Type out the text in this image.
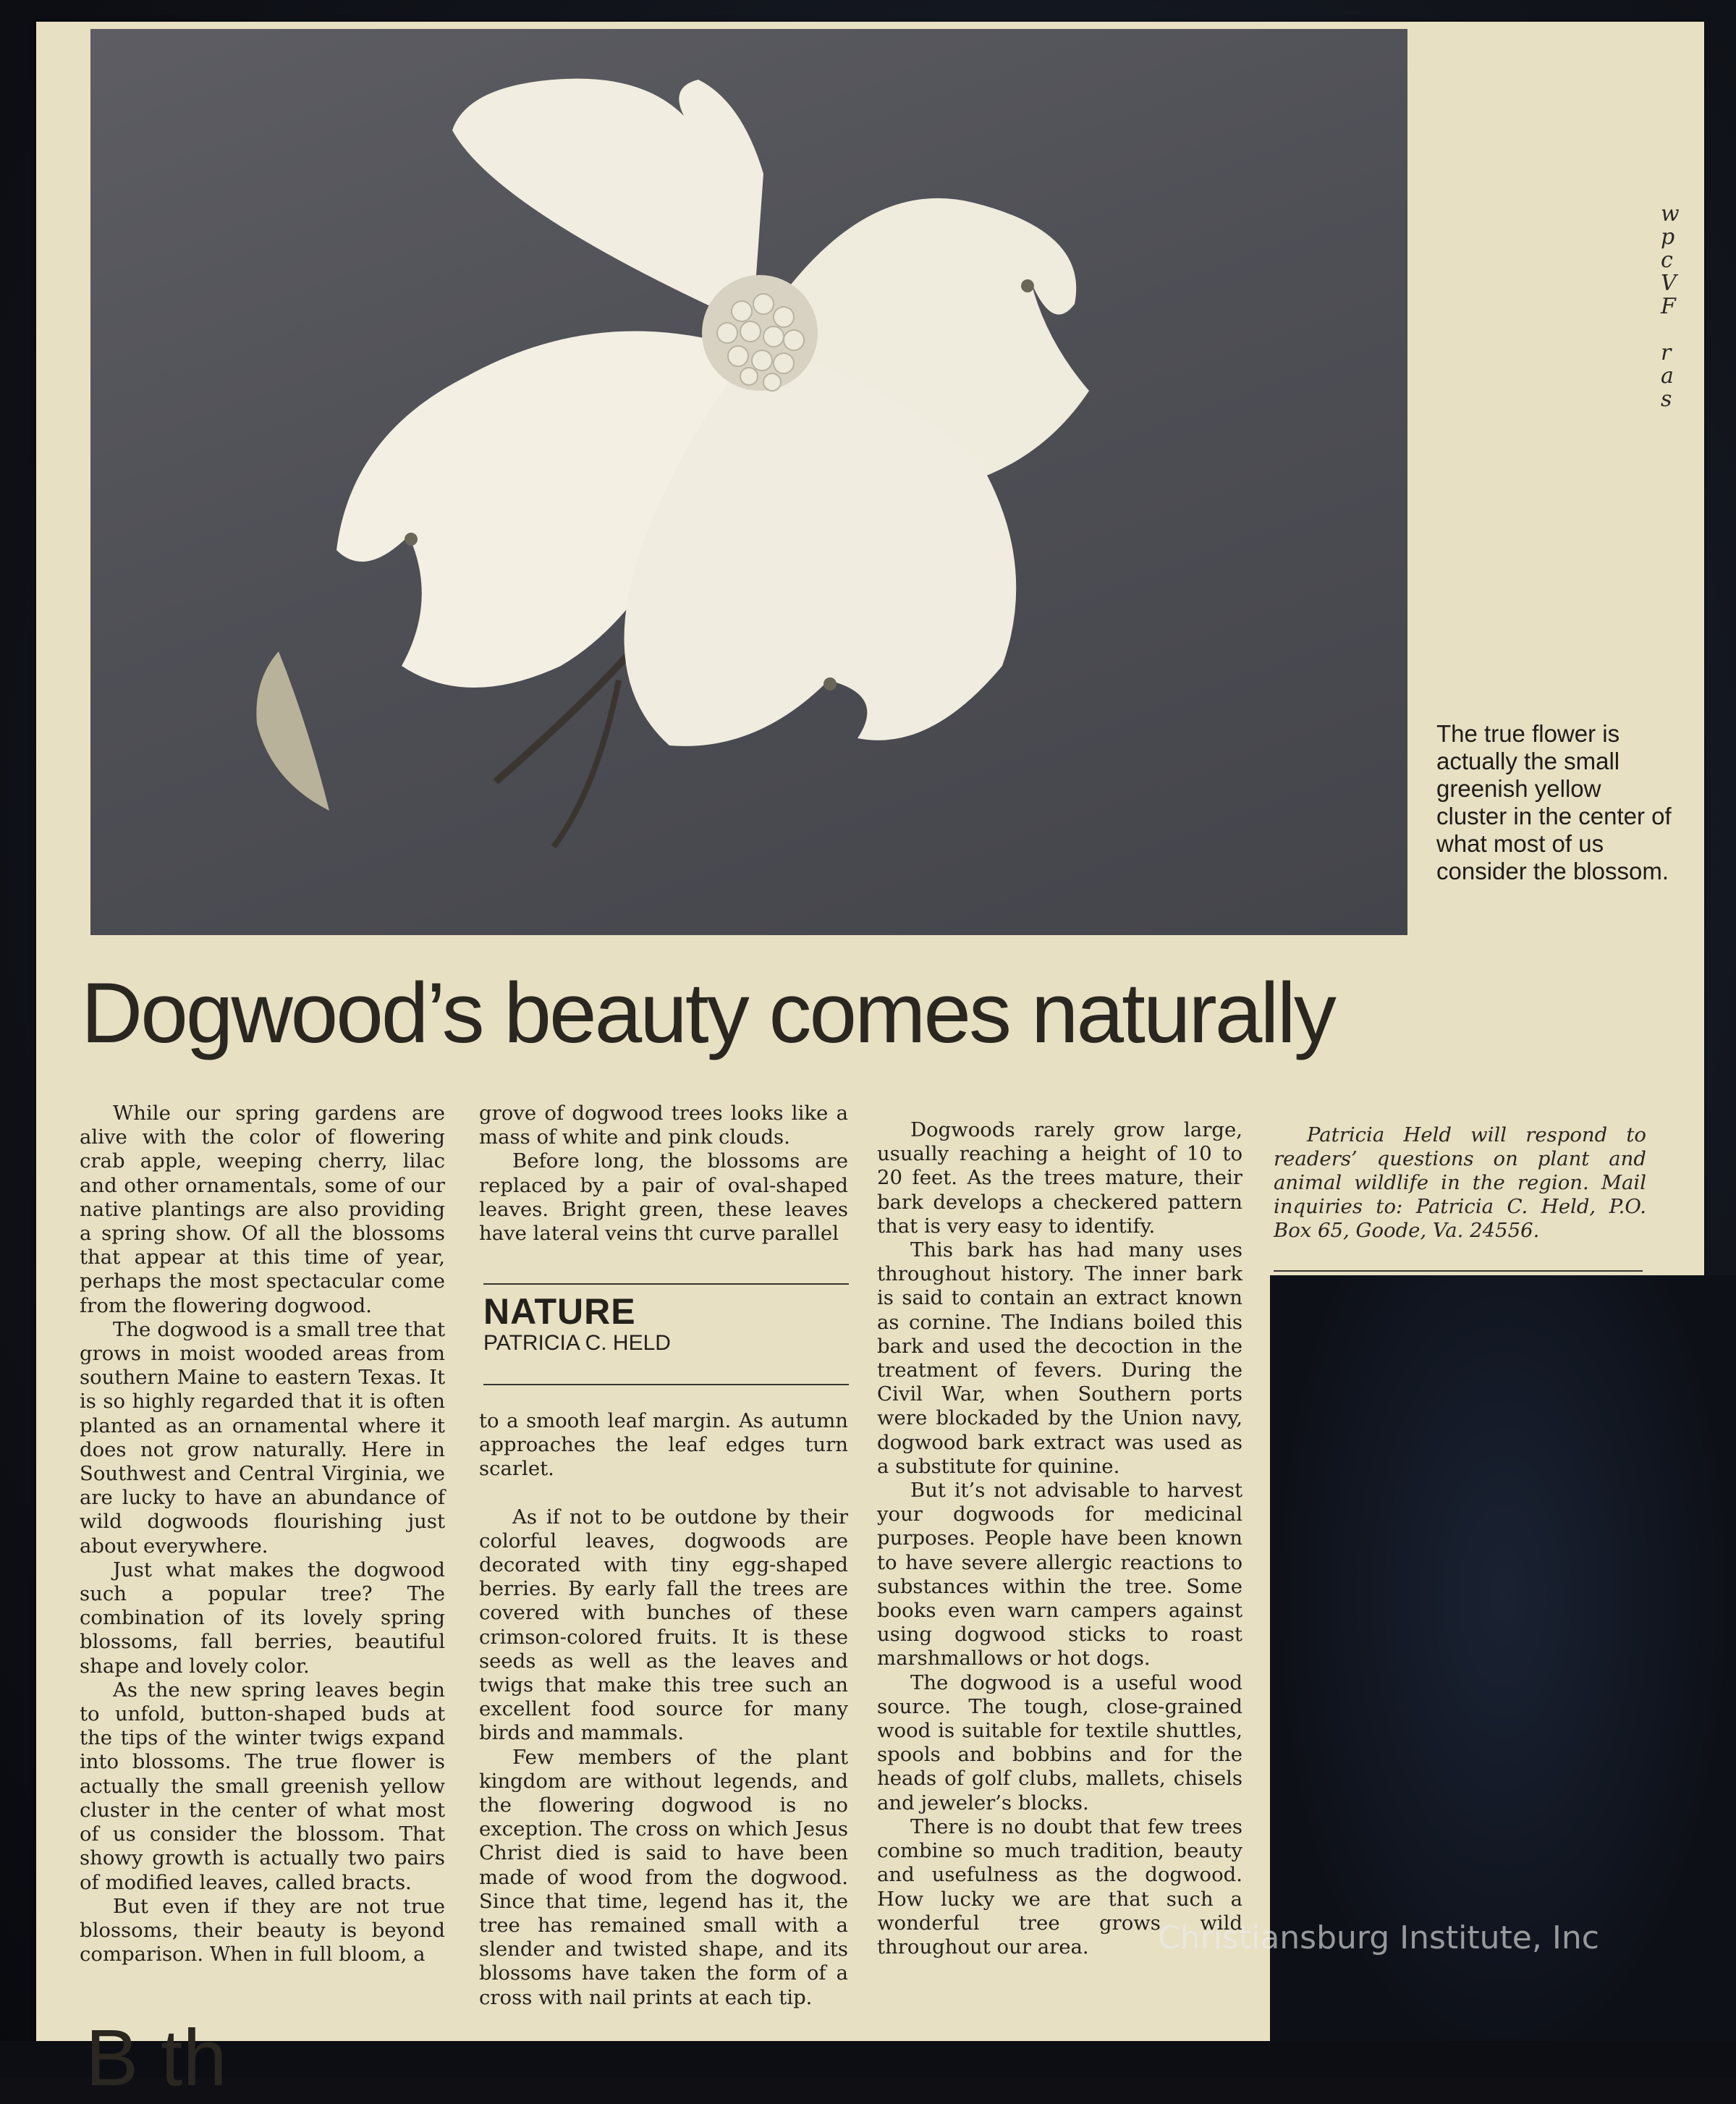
The true flower is actually the small greenish yellow cluster in the center of what most of us consider the blossom.
w
p
c
V
F

r
a
s
Dogwood’s beauty comes naturally

While our spring gardens are alive with the color of flowering crab apple, weeping cherry, lilac and other ornamentals, some of our native plantings are also providing a spring show. Of all the blossoms that appear at this time of year, perhaps the most spectacular come from the flowering dogwood.

The dogwood is a small tree that grows in moist wooded areas from southern Maine to eastern Texas. It is so highly regarded that it is often planted as an ornamental where it does not grow naturally. Here in Southwest and Central Virginia, we are lucky to have an abundance of wild dogwoods flourishing just about everywhere.

Just what makes the dogwood such a popular tree? The combination of its lovely spring blossoms, fall berries, beautiful shape and lovely color.

As the new spring leaves begin to unfold, button-shaped buds at the tips of the winter twigs expand into blossoms. The true flower is actually the small greenish yellow cluster in the center of what most of us consider the blossom. That showy growth is actually two pairs of modified leaves, called bracts.

But even if they are not true blossoms, their beauty is beyond comparison. When in full bloom, a

grove of dogwood trees looks like a mass of white and pink clouds.

Before long, the blossoms are replaced by a pair of oval-shaped leaves. Bright green, these leaves have lateral veins tht curve parallel

NATURE
PATRICIA C. HELD

to a smooth leaf margin. As autumn approaches the leaf edges turn scarlet.

As if not to be outdone by their colorful leaves, dogwoods are decorated with tiny egg-shaped berries. By early fall the trees are covered with bunches of these crimson-colored fruits. It is these seeds as well as the leaves and twigs that make this tree such an excellent food source for many birds and mammals.

Few members of the plant kingdom are without legends, and the flowering dogwood is no exception. The cross on which Jesus Christ died is said to have been made of wood from the dogwood. Since that time, legend has it, the tree has remained small with a slender and twisted shape, and its blossoms have taken the form of a cross with nail prints at each tip.

Dogwoods rarely grow large, usually reaching a height of 10 to 20 feet. As the trees mature, their bark develops a checkered pattern that is very easy to identify.

This bark has had many uses throughout history. The inner bark is said to contain an extract known as cornine. The Indians boiled this bark and used the decoction in the treatment of fevers. During the Civil War, when Southern ports were blockaded by the Union navy, dogwood bark extract was used as a substitute for quinine.

But it’s not advisable to harvest your dogwoods for medicinal purposes. People have been known to have severe allergic reactions to substances within the tree. Some books even warn campers against using dogwood sticks to roast marshmallows or hot dogs.

The dogwood is a useful wood source. The tough, close-grained wood is suitable for textile shuttles, spools and bobbins and for the heads of golf clubs, mallets, chisels and jeweler’s blocks.

There is no doubt that few trees combine so much tradition, beauty and usefulness as the dogwood. How lucky we are that such a wonderful tree grows wild throughout our area.

Patricia Held will respond to readers’ questions on plant and animal wildlife in the region. Mail inquiries to: Patricia C. Held, P.O. Box 65, Goode, Va. 24556.

Christiansburg Institute, Inc
